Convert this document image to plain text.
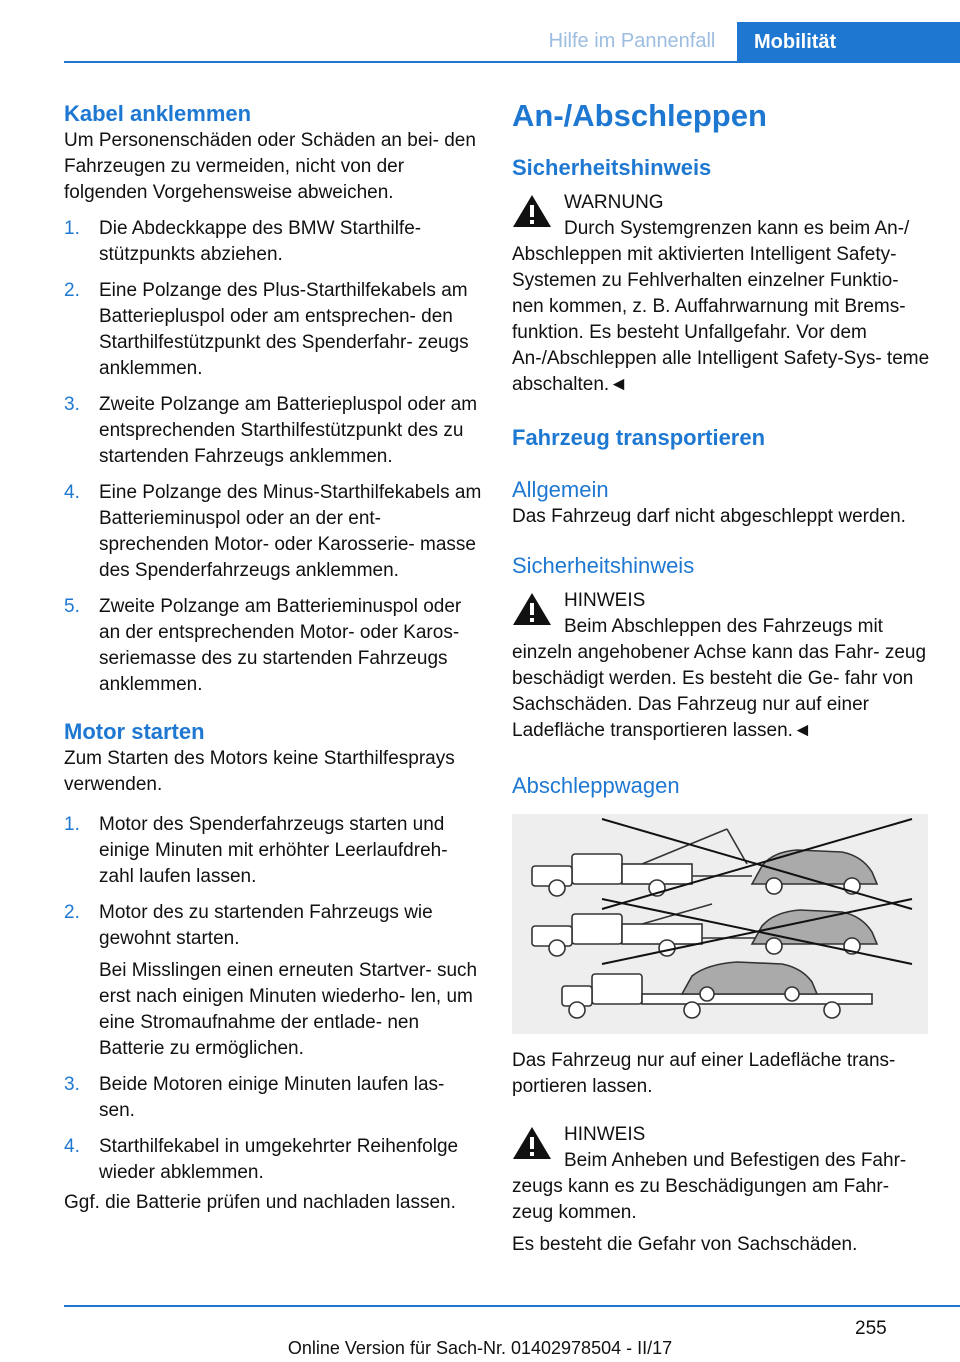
Hilfe im Pannenfall	Mobilität
Kabel anklemmen

Um Personenschäden oder Schäden an bei‐ den Fahrzeugen zu vermeiden, nicht von der folgenden Vorgehensweise abweichen.

1. Die Abdeckkappe des BMW Starthilfe‐ stützpunkts abziehen.
2. Eine Polzange des Plus-Starthilfekabels am Batteriepluspol oder am entsprechen‐ den Starthilfestützpunkt des Spenderfahr‐ zeugs anklemmen.
3. Zweite Polzange am Batteriepluspol oder am entsprechenden Starthilfestützpunkt des zu startenden Fahrzeugs anklemmen.
4. Eine Polzange des Minus-Starthilfekabels am Batterieminuspol oder an der ent‐ sprechenden Motor- oder Karosserie‐ masse des Spenderfahrzeugs anklemmen.
5. Zweite Polzange am Batterieminuspol oder an der entsprechenden Motor- oder Karos‐ seriemasse des zu startenden Fahrzeugs anklemmen.
Motor starten

Zum Starten des Motors keine Starthilfesprays verwenden.

1. Motor des Spenderfahrzeugs starten und einige Minuten mit erhöhter Leerlaufdreh‐ zahl laufen lassen.
2. Motor des zu startenden Fahrzeugs wie gewohnt starten.
Bei Misslingen einen erneuten Startver‐ such erst nach einigen Minuten wiederho‐ len, um eine Stromaufnahme der entlade‐ nen Batterie zu ermöglichen.
3. Beide Motoren einige Minuten laufen las‐ sen.
4. Starthilfekabel in umgekehrter Reihenfolge wieder abklemmen.

Ggf. die Batterie prüfen und nachladen lassen.

An-/Abschleppen
Sicherheitshinweis
WARNUNG

Durch Systemgrenzen kann es beim An-/ Abschleppen mit aktivierten Intelligent Safety- Systemen zu Fehlverhalten einzelner Funktio‐ nen kommen, z. B. Auffahrwarnung mit Brems‐ funktion. Es besteht Unfallgefahr. Vor dem An-/Abschleppen alle Intelligent Safety-Sys‐ teme abschalten.◄

Fahrzeug transportieren
Allgemein

Das Fahrzeug darf nicht abgeschleppt werden.

Sicherheitshinweis
HINWEIS

Beim Abschleppen des Fahrzeugs mit einzeln angehobener Achse kann das Fahr‐ zeug beschädigt werden. Es besteht die Ge‐ fahr von Sachschäden. Das Fahrzeug nur auf einer Ladefläche transportieren lassen.◄

Abschleppwagen

Das Fahrzeug nur auf einer Ladefläche trans‐ portieren lassen.

HINWEIS

Beim Anheben und Befestigen des Fahr‐ zeugs kann es zu Beschädigungen am Fahr‐ zeug kommen.

Es besteht die Gefahr von Sachschäden.

255
Online Version für Sach-Nr. 01402978504 - II/17
